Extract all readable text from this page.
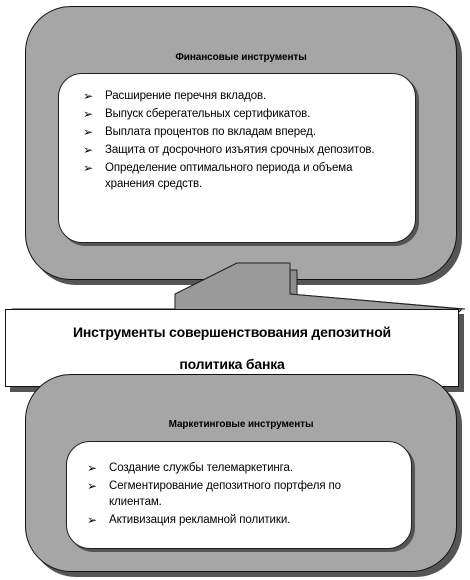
Финансовые инструменты
➢ Расширение перечня вкладов.
➢ Выпуск сберегательных сертификатов.
➢ Выплата процентов по вкладам вперед.
➢ Защита от досрочного изъятия срочных депозитов.
➢ Определение оптимального периода и объема хранения средств.
Инструменты совершенствования депозитной
политика банка
Маркетинговые инструменты
➢ Создание службы телемаркетинга.
➢ Сегментирование депозитного портфеля по клиентам.
➢ Активизация рекламной политики.
